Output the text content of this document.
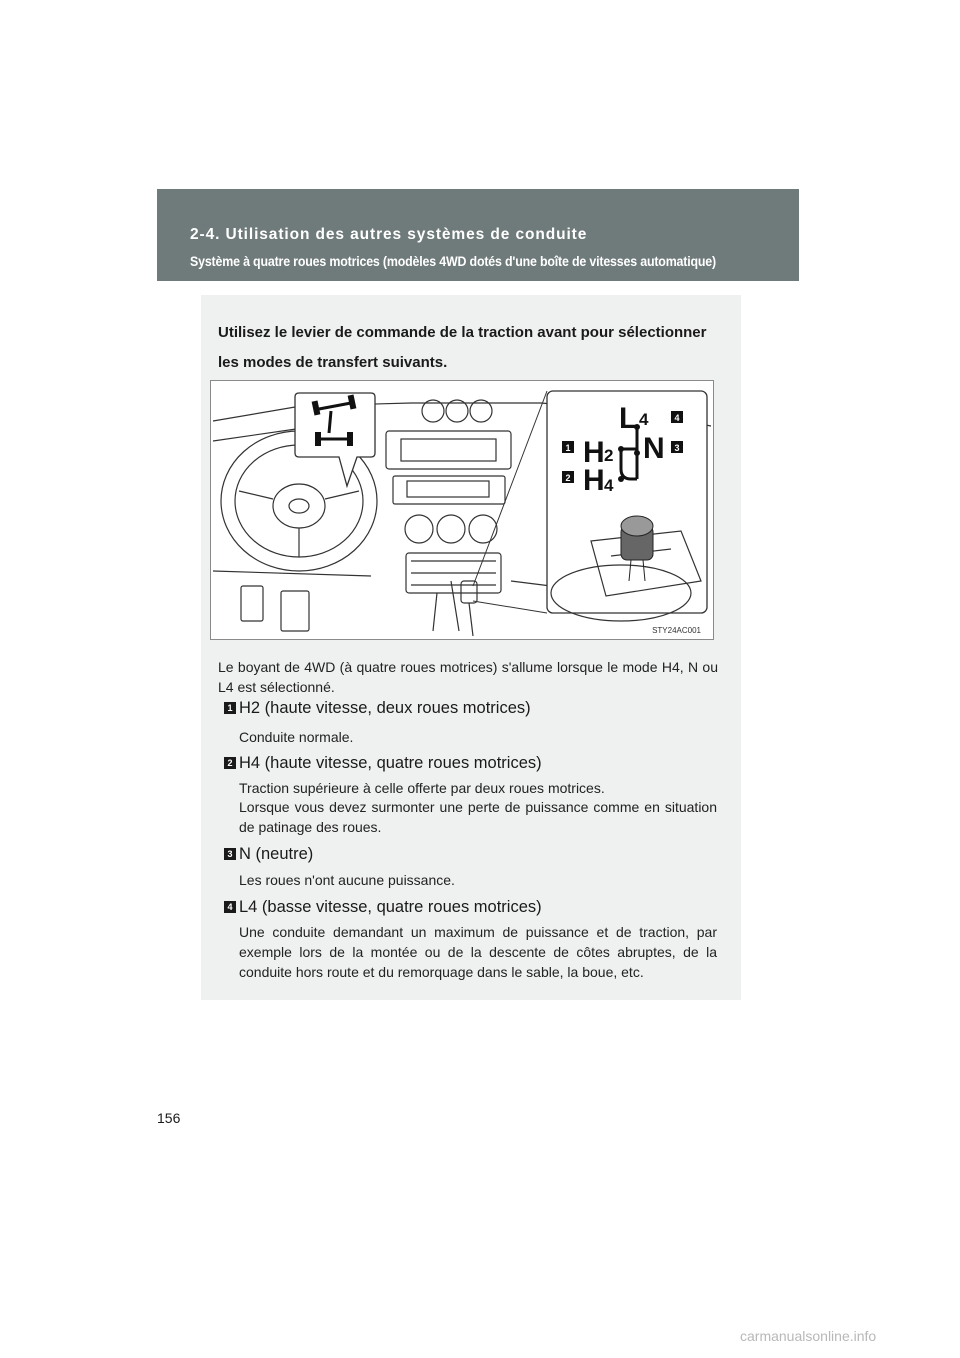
2-4. Utilisation des autres systèmes de conduite
Système à quatre roues motrices (modèles 4WD dotés d'une boîte de vitesses automatique)
Utilisez le levier de commande de la traction avant pour sélectionner les modes de transfert suivants.
L 4
H 2 N
H 4
1
2
3
4
STY24AC001
Le boyant de 4WD (à quatre roues motrices) s'allume lorsque le mode H4, N ou L4 est sélectionné.
1 H2 (haute vitesse, deux roues motrices)
Conduite normale.
2 H4 (haute vitesse, quatre roues motrices)
Traction supérieure à celle offerte par deux roues motrices.
Lorsque vous devez surmonter une perte de puissance comme en situation de patinage des roues.
3 N (neutre)
Les roues n'ont aucune puissance.
4 L4 (basse vitesse, quatre roues motrices)
Une conduite demandant un maximum de puissance et de traction, par exemple lors de la montée ou de la descente de côtes abruptes, de la conduite hors route et du remorquage dans le sable, la boue, etc.
156
carmanualsonline.info
